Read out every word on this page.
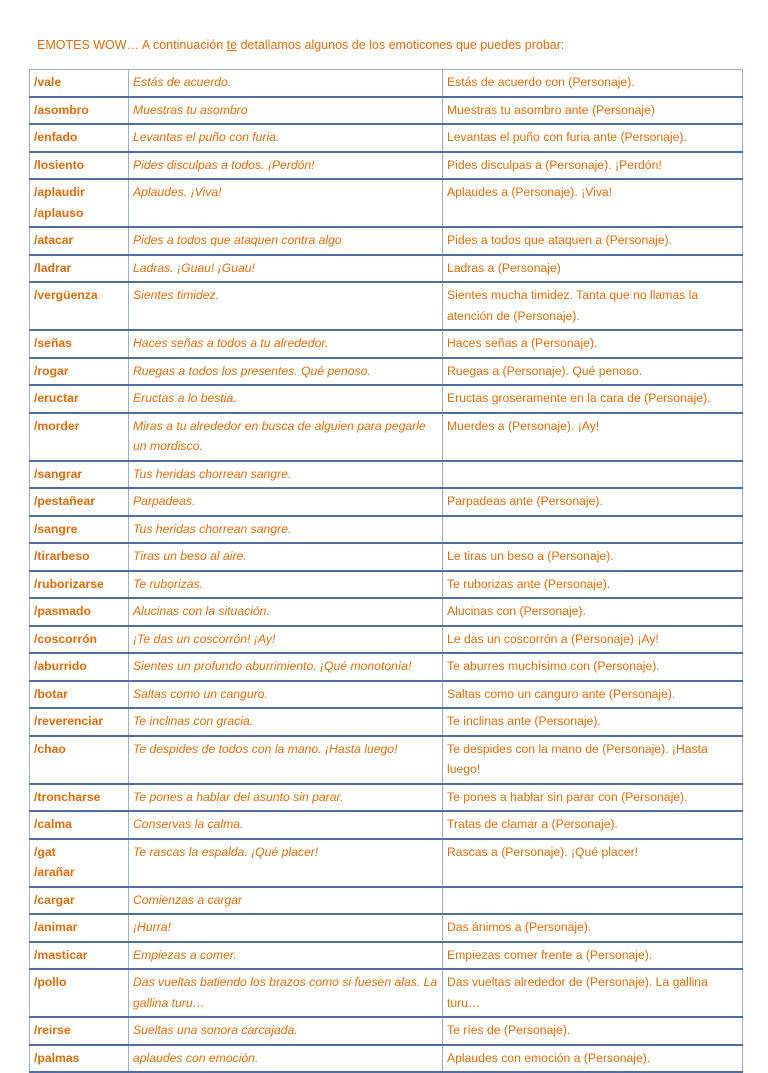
EMOTES WOW… A continuación te detallamos algunos de los emoticones que puedes probar:
/vale	Estás de acuerdo.	Estás de acuerdo con (Personaje).
/asombro	Muestras tu asombro	Muestras tu asombro ante (Personaje)
/enfado	Levantas el puño con furia.	Levantas el puño con furia ante (Personaje).
/losiento	Pides disculpas a todos. ¡Perdón!	Pides disculpas a (Personaje). ¡Perdón!
/aplaudir
/aplauso	Aplaudes. ¡Viva!	Aplaudes a (Personaje). ¡Viva!
/atacar	Pides a todos que ataquen contra algo	Pides a todos que ataquen a (Personaje).
/ladrar	Ladras. ¡Guau! ¡Guau!	Ladras a (Personaje)
/vergüenza	Sientes timidez.	Sientes mucha timidez. Tanta que no llamas la atención de (Personaje).
/señas	Haces señas a todos a tu alrededor.	Haces señas a (Personaje).
/rogar	Ruegas a todos los presentes. Qué penoso.	Ruegas a (Personaje). Qué penoso.
/eructar	Eructas a lo bestia.	Eructas groseramente en la cara de (Personaje).
/morder	Miras a tu alrededor en busca de alguien para pegarle un mordisco.	Muerdes a (Personaje). ¡Ay!
/sangrar	Tus heridas chorrean sangre.	
/pestañear	Parpadeas.	Parpadeas ante (Personaje).
/sangre	Tus heridas chorrean sangre.	
/tirarbeso	Tiras un beso al aire.	Le tiras un beso a (Personaje).
/ruborizarse	Te ruborizas.	Te ruborizas ante (Personaje).
/pasmado	Alucinas con la situación.	Alucinas con (Personaje).
/coscorrón	¡Te das un coscorrón! ¡Ay!	Le das un coscorrón a (Personaje) ¡Ay!
/aburrido	Sientes un profundo aburrimiento. ¡Qué monotonía!	Te aburres muchísimo con (Personaje).
/botar	Saltas como un canguro.	Saltas como un canguro ante (Personaje).
/reverenciar	Te inclinas con gracia.	Te inclinas ante (Personaje).
/chao	Te despides de todos con la mano. ¡Hasta luego!	Te despides con la mano de (Personaje). ¡Hasta luego!
/troncharse	Te pones a hablar del asunto sin parar.	Te pones a hablar sin parar con (Personaje).
/calma	Conservas la calma.	Tratas de clamar a (Personaje).
/gat
/arañar	Te rascas la espalda. ¡Qué placer!	Rascas a (Personaje). ¡Qué placer!
/cargar	Comienzas a cargar	
/animar	¡Hurra!	Das ánimos a (Personaje).
/masticar	Empiezas a comer.	Empiezas comer frente a (Personaje).
/pollo	Das vueltas batiendo los brazos como si fuesen alas. La gallina turu…	Das vueltas alrededor de (Personaje). La gallina turu…
/reirse	Sueltas una sonora carcajada.	Te ríes de (Personaje).
/palmas	aplaudes con emoción.	Aplaudes con emoción a (Personaje).
